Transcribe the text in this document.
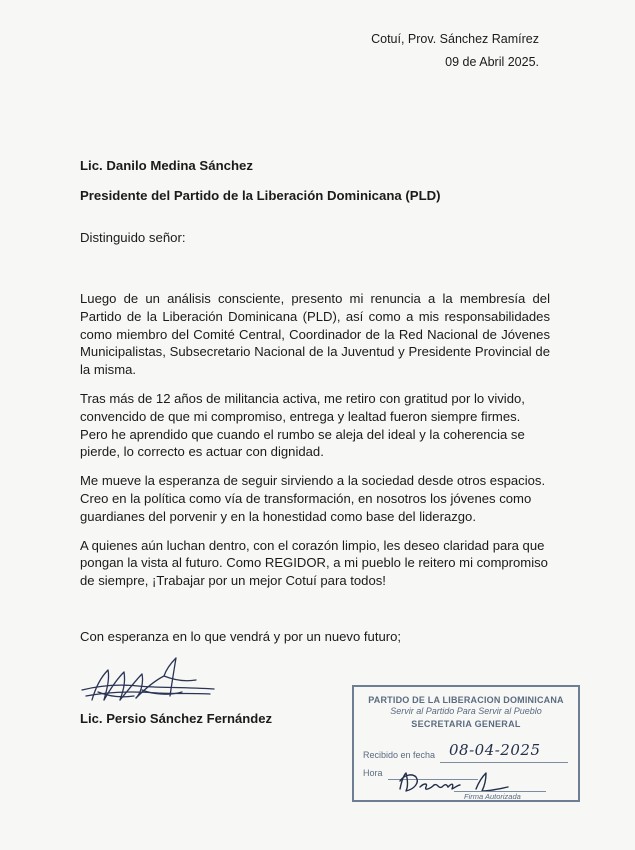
Cotuí, Prov. Sánchez Ramírez
09 de Abril 2025.
Lic. Danilo Medina Sánchez
Presidente del Partido de la Liberación Dominicana (PLD)
Distinguido señor:

Luego de un análisis consciente, presento mi renuncia a la membresía del Partido de la Liberación Dominicana (PLD), así como a mis responsabilidades como miembro del Comité Central, Coordinador de la Red Nacional de Jóvenes Municipalistas, Subsecretario Nacional de la Juventud y Presidente Provincial de la misma.

Tras más de 12 años de militancia activa, me retiro con gratitud por lo vivido, convencido de que mi compromiso, entrega y lealtad fueron siempre firmes. Pero he aprendido que cuando el rumbo se aleja del ideal y la coherencia se pierde, lo correcto es actuar con dignidad.

Me mueve la esperanza de seguir sirviendo a la sociedad desde otros espacios. Creo en la política como vía de transformación, en nosotros los jóvenes como guardianes del porvenir y en la honestidad como base del liderazgo.

A quienes aún luchan dentro, con el corazón limpio, les deseo claridad para que pongan la vista al futuro. Como REGIDOR, a mi pueblo le reitero mi compromiso de siempre, ¡Trabajar por un mejor Cotuí para todos!

Con esperanza en lo que vendrá y por un nuevo futuro;
Lic. Persio Sánchez Fernández
PARTIDO DE LA LIBERACION DOMINICANA
Servir al Partido Para Servir al Pueblo
SECRETARIA GENERAL
Recibido en fecha 08-04-2025
Hora
Firma Autorizada
